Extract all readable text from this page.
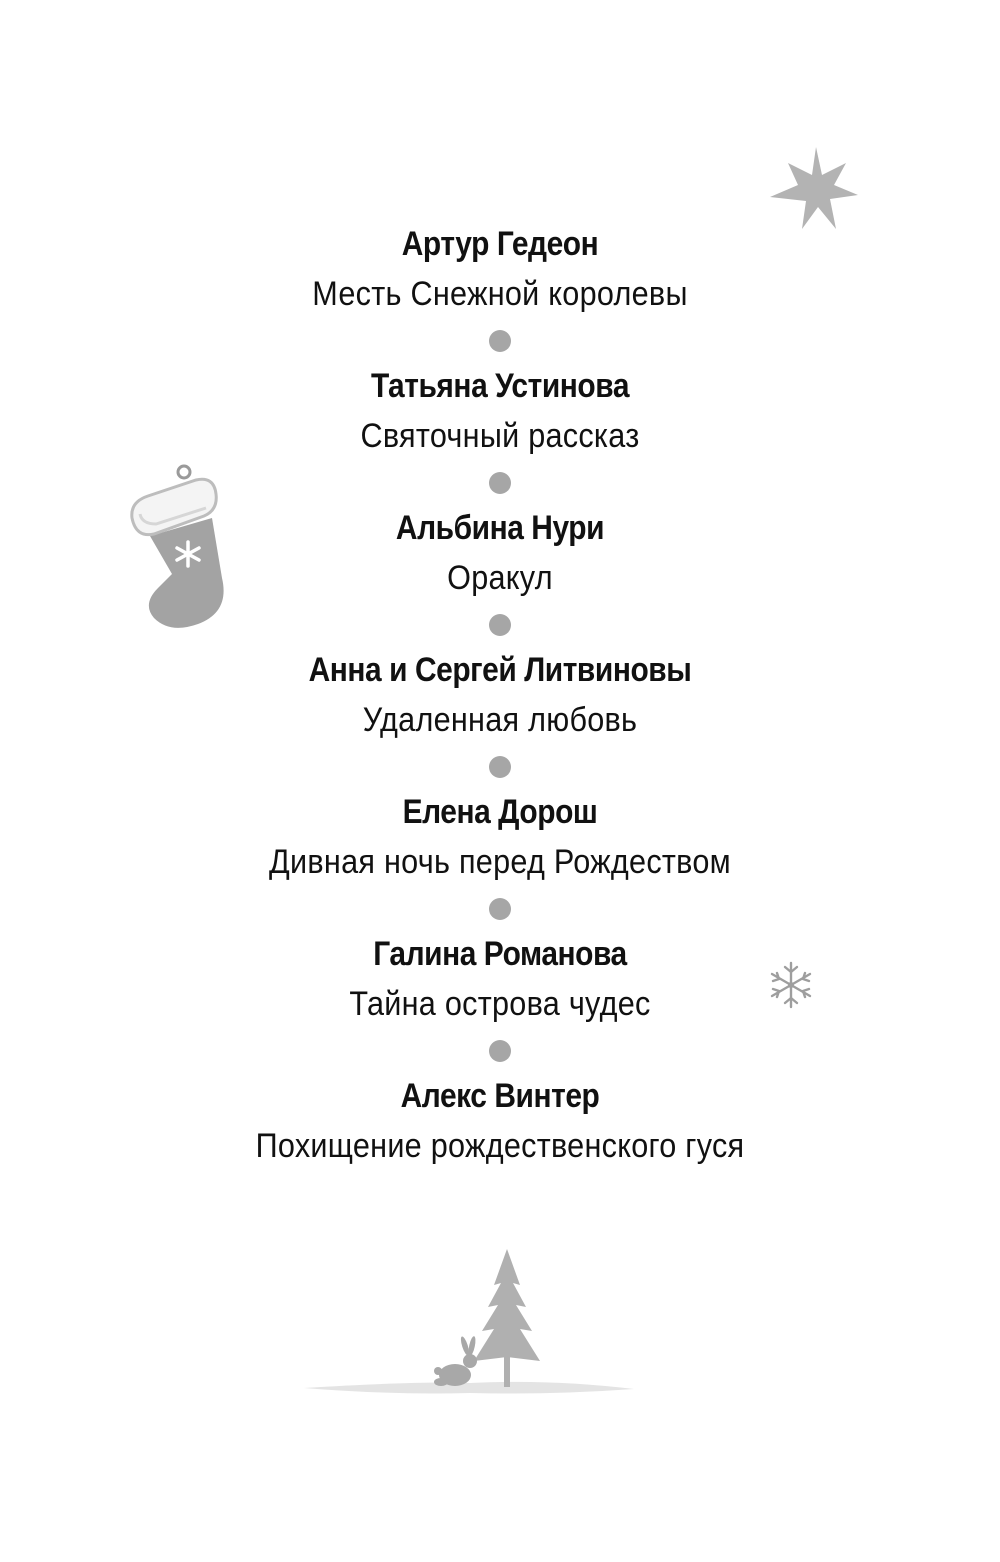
Артур Гедеон
Месть Снежной королевы
Татьяна Устинова
Святочный рассказ
Альбина Нури
Оракул
Анна и Сергей Литвиновы
Удаленная любовь
Елена Дорош
Дивная ночь перед Рождеством
Галина Романова
Тайна острова чудес
Алекс Винтер
Похищение рождественского гуся
